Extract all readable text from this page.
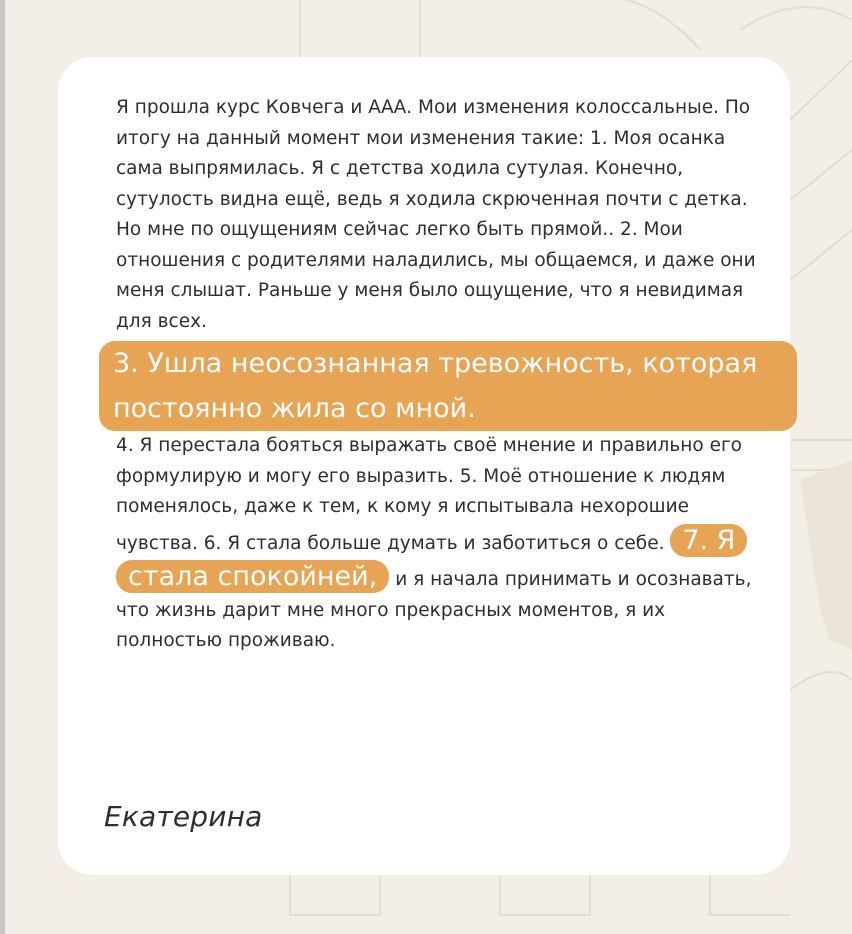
Я прошла курс Ковчега и ААА. Мои изменения колоссальные. По итогу на данный момент мои изменения такие: 1. Моя осанка сама выпрямилась. Я с детства ходила сутулая. Конечно, сутулость видна ещё, ведь я ходила скрюченная почти с детка. Но мне по ощущениям сейчас легко быть прямой.. 2. Мои отношения с родителями наладились, мы общаемся, и даже они меня слышат. Раньше у меня было ощущение, что я невидимая для всех.

3. Ушла неосознанная тревожность, которая постоянно жила со мной.

4. Я перестала бояться выражать своё мнение и правильно его формулирую и могу его выразить. 5. Моё отношение к людям поменялось, даже к тем, к кому я испытывала нехорошие чувства. 6. Я стала больше думать и заботиться о себе. 7. Я стала спокойней, и я начала принимать и осознавать, что жизнь дарит мне много прекрасных моментов, я их полностью проживаю.

Екатерина
